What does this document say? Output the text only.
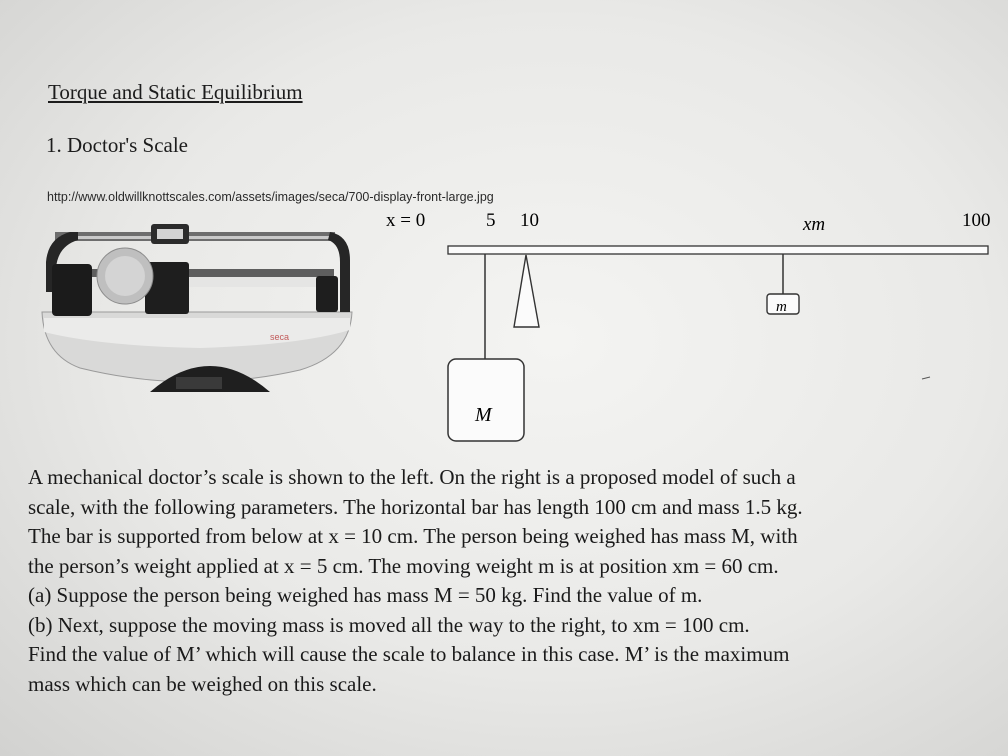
Torque and Static Equilibrium
1. Doctor's Scale
http://www.oldwillknottscales.com/assets/images/seca/700-display-front-large.jpg
seca
x = 0	5 10	xm	100
m
M

A mechanical doctor’s scale is shown to the left. On the right is a proposed model of such a

scale, with the following parameters. The horizontal bar has length 100 cm and mass 1.5 kg.

The bar is supported from below at x = 10 cm. The person being weighed has mass M, with

the person’s weight applied at x = 5 cm. The moving weight m is at position xm = 60 cm.

(a) Suppose the person being weighed has mass M = 50 kg. Find the value of m.

(b) Next, suppose the moving mass is moved all the way to the right, to xm = 100 cm.

Find the value of M’ which will cause the scale to balance in this case. M’ is the maximum

mass which can be weighed on this scale.
